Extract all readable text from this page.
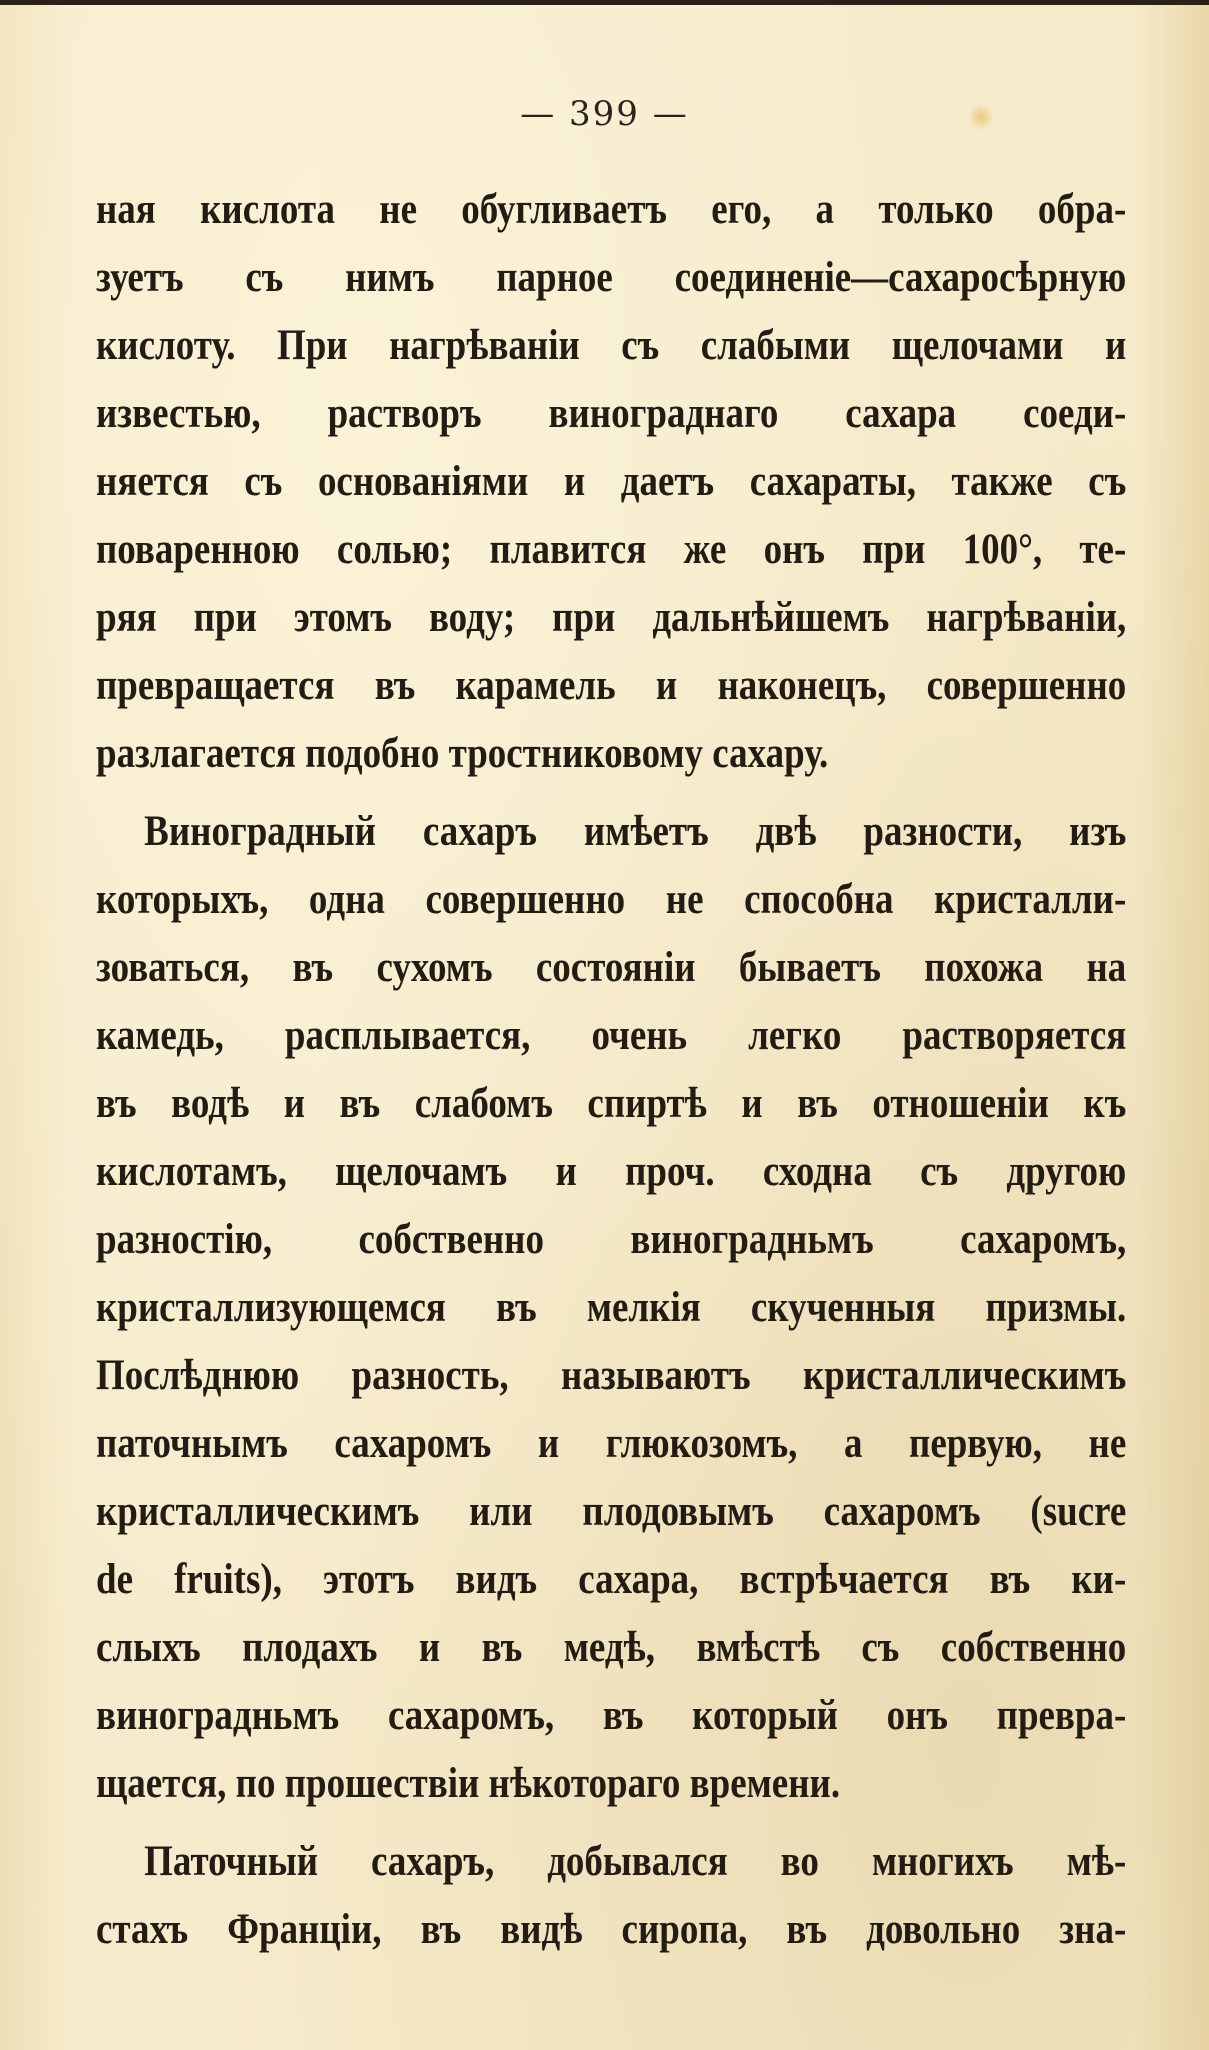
— 399 —
ная кислота не обугливаетъ его, а только обра-
зуетъ съ нимъ парное соединеніе—сахаросѣрную
кислоту. При нагрѣваніи съ слабыми щелочами и
известью, растворъ винограднаго сахара соеди-
няется съ основаніями и даетъ сахараты, также съ
поваренною солью; плавится же онъ при 100°, те-
ряя при этомъ воду; при дальнѣйшемъ нагрѣваніи,
превращается въ карамель и наконецъ, совершенно
разлагается подобно тростниковому сахару.
Виноградный сахаръ имѣетъ двѣ разности, изъ
которыхъ, одна совершенно не способна кристалли-
зоваться, въ сухомъ состояніи бываетъ похожа на
камедь, расплывается, очень легко растворяется
въ водѣ и въ слабомъ спиртѣ и въ отношеніи къ
кислотамъ, щелочамъ и проч. сходна съ другою
разностію, собственно виноградньмъ сахаромъ,
кристаллизующемся въ мелкія скученныя призмы.
Послѣднюю разность, называютъ кристаллическимъ
паточнымъ сахаромъ и глюкозомъ, а первую, не
кристаллическимъ или плодовымъ сахаромъ (sucre
de fruits), этотъ видъ сахара, встрѣчается въ ки-
слыхъ плодахъ и въ медѣ, вмѣстѣ съ собственно
виноградньмъ сахаромъ, въ который онъ превра-
щается, по прошествіи нѣкотораго времени.
Паточный сахаръ, добывался во многихъ мѣ-
стахъ Франціи, въ видѣ сиропа, въ довольно зна-
